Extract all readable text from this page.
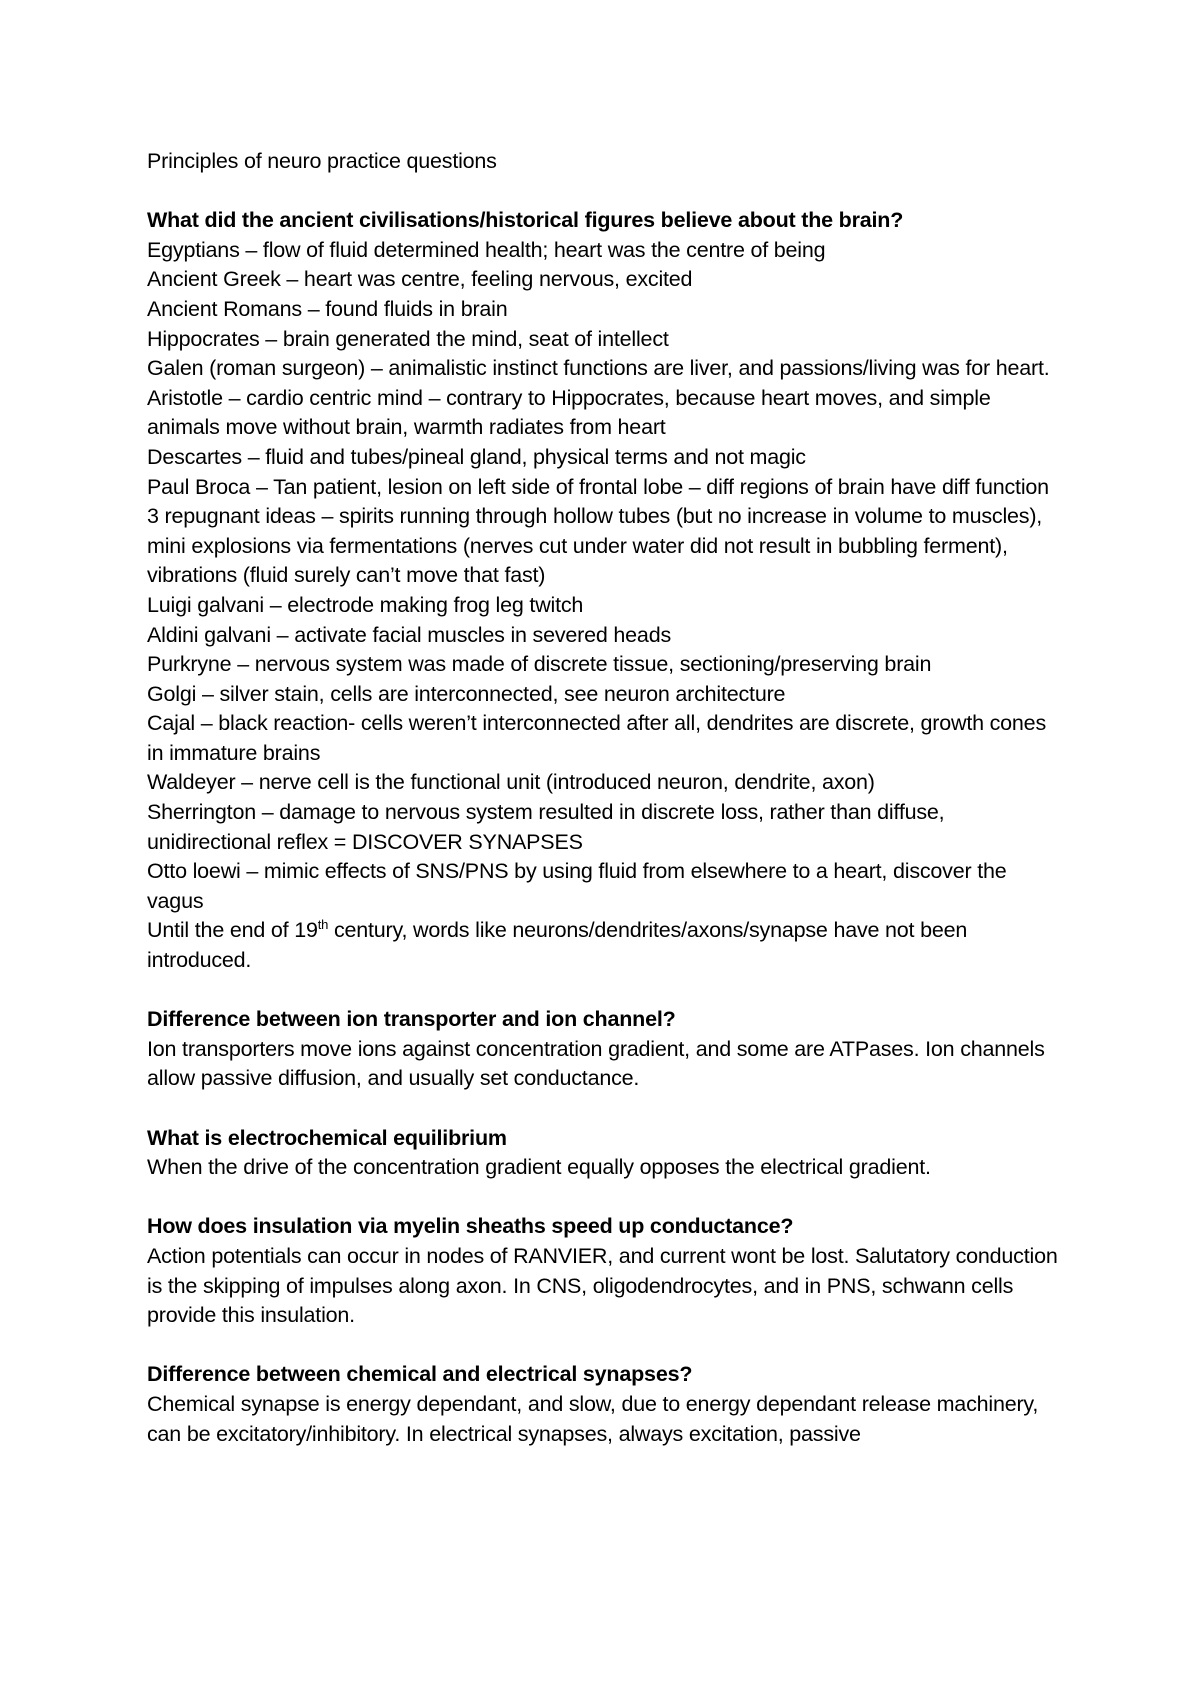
Principles of neuro practice questions
What did the ancient civilisations/historical figures believe about the brain?
Egyptians – flow of fluid determined health; heart was the centre of being
Ancient Greek – heart was centre, feeling nervous, excited
Ancient Romans – found fluids in brain
Hippocrates – brain generated the mind, seat of intellect
Galen (roman surgeon) – animalistic instinct functions are liver, and passions/living was for heart.
Aristotle – cardio centric mind – contrary to Hippocrates, because heart moves, and simple animals move without brain, warmth radiates from heart
Descartes – fluid and tubes/pineal gland, physical terms and not magic
Paul Broca – Tan patient, lesion on left side of frontal lobe – diff regions of brain have diff function
3 repugnant ideas – spirits running through hollow tubes (but no increase in volume to muscles), mini explosions via fermentations (nerves cut under water did not result in bubbling ferment), vibrations (fluid surely can’t move that fast)
Luigi galvani – electrode making frog leg twitch
Aldini galvani – activate facial muscles in severed heads
Purkryne – nervous system was made of discrete tissue, sectioning/preserving brain
Golgi – silver stain, cells are interconnected, see neuron architecture
Cajal – black reaction- cells weren’t interconnected after all, dendrites are discrete, growth cones in immature brains
Waldeyer – nerve cell is the functional unit (introduced neuron, dendrite, axon)
Sherrington – damage to nervous system resulted in discrete loss, rather than diffuse, unidirectional reflex = DISCOVER SYNAPSES
Otto loewi – mimic effects of SNS/PNS by using fluid from elsewhere to a heart, discover the vagus
Until the end of 19th century, words like neurons/dendrites/axons/synapse have not been introduced.
Difference between ion transporter and ion channel?
Ion transporters move ions against concentration gradient, and some are ATPases. Ion channels allow passive diffusion, and usually set conductance.
What is electrochemical equilibrium
When the drive of the concentration gradient equally opposes the electrical gradient.
How does insulation via myelin sheaths speed up conductance?
Action potentials can occur in nodes of RANVIER, and current wont be lost. Salutatory conduction is the skipping of impulses along axon. In CNS, oligodendrocytes, and in PNS, schwann cells provide this insulation.
Difference between chemical and electrical synapses?
Chemical synapse is energy dependant, and slow, due to energy dependant release machinery, can be excitatory/inhibitory. In electrical synapses, always excitation, passive
